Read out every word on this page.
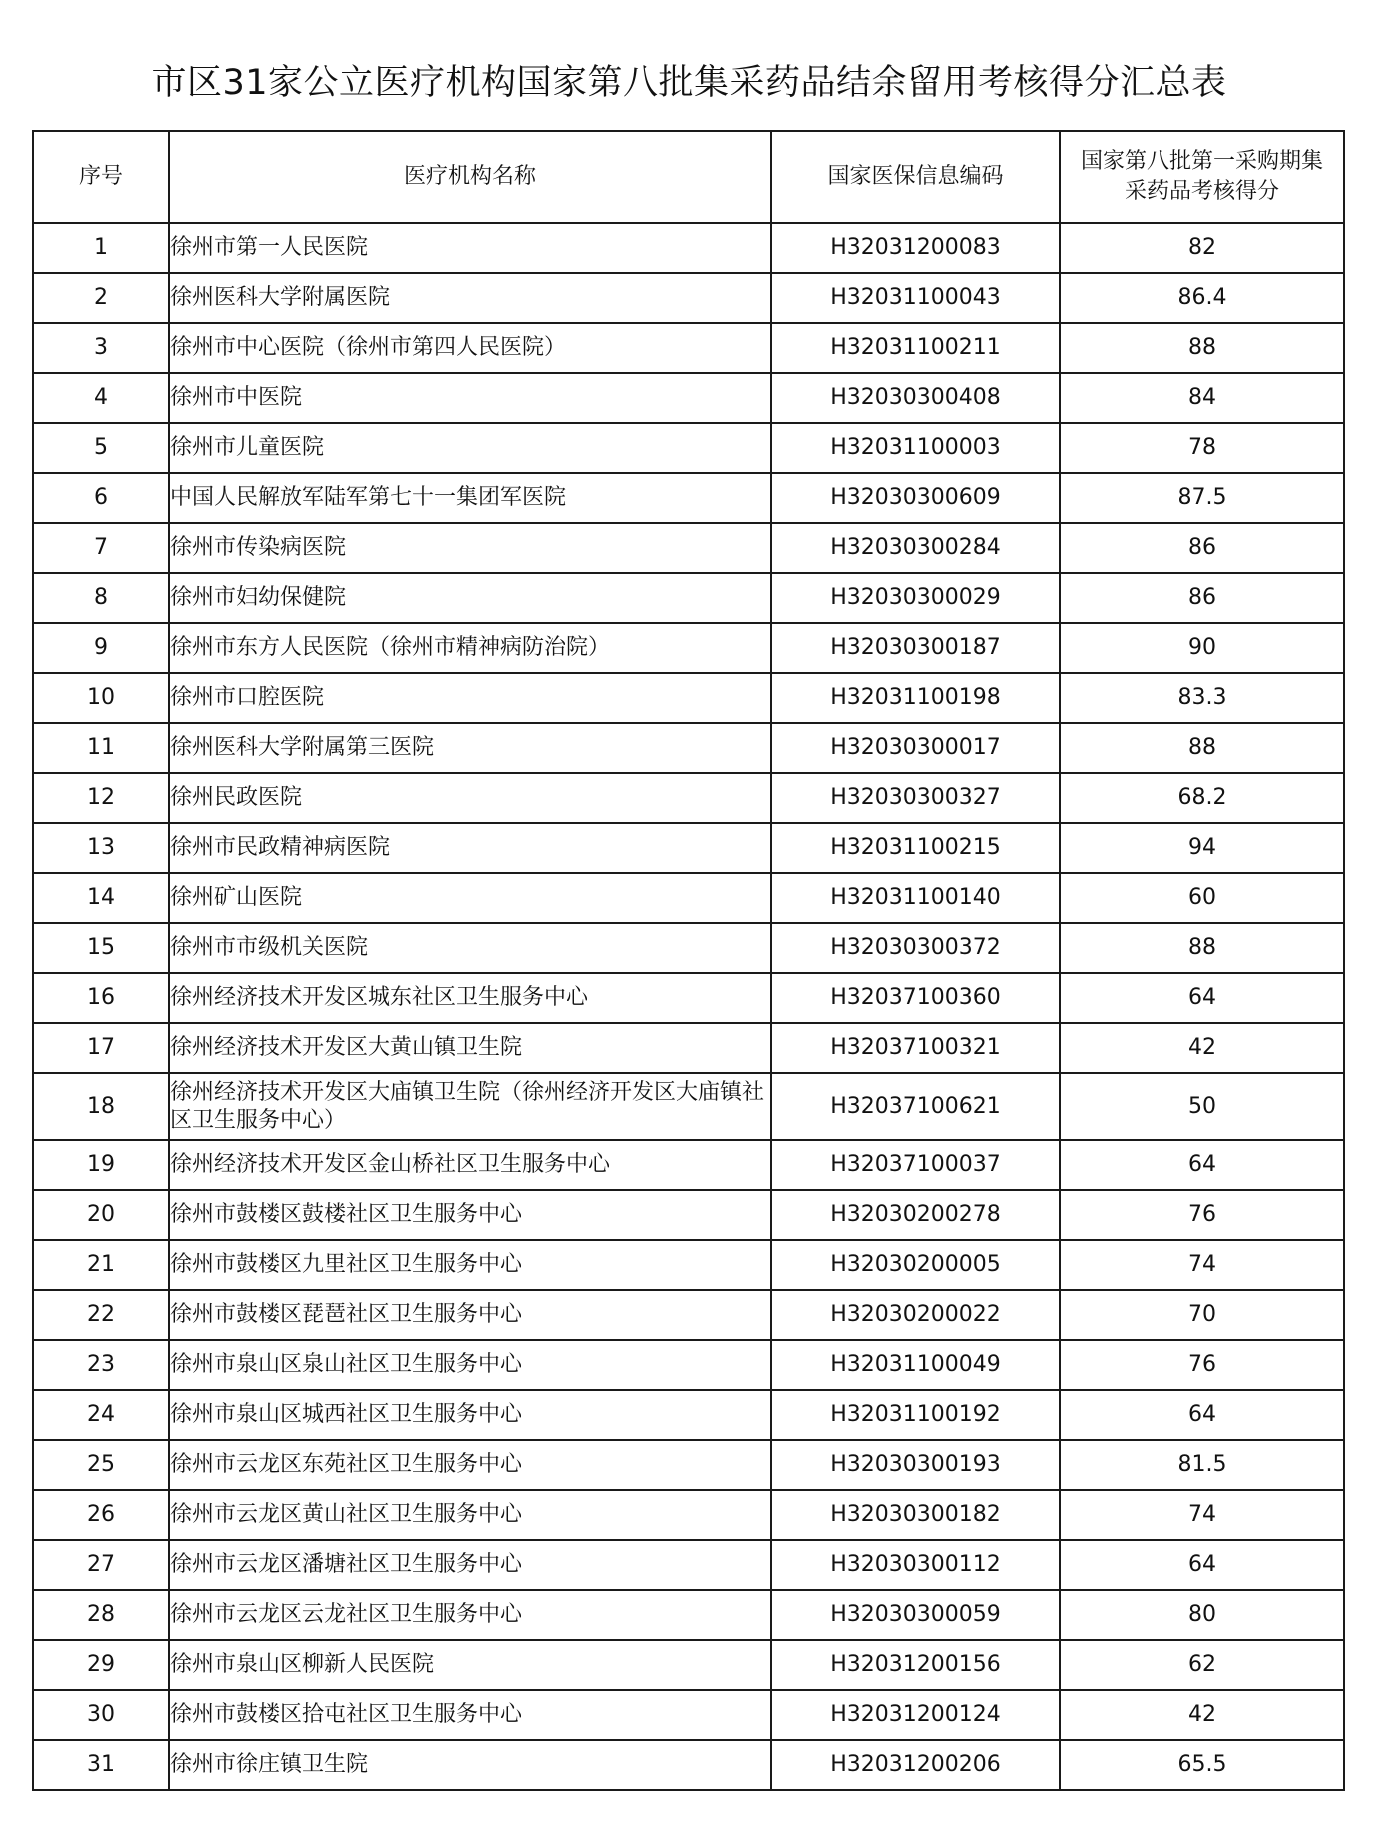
市区31家公立医疗机构国家第八批集采药品结余留用考核得分汇总表
序号	医疗机构名称	国家医保信息编码	国家第八批第一采购期集
采药品考核得分
1	徐州市第一人民医院	H32031200083	82
2	徐州医科大学附属医院	H32031100043	86.4
3	徐州市中心医院（徐州市第四人民医院）	H32031100211	88
4	徐州市中医院	H32030300408	84
5	徐州市儿童医院	H32031100003	78
6	中国人民解放军陆军第七十一集团军医院	H32030300609	87.5
7	徐州市传染病医院	H32030300284	86
8	徐州市妇幼保健院	H32030300029	86
9	徐州市东方人民医院（徐州市精神病防治院）	H32030300187	90
10	徐州市口腔医院	H32031100198	83.3
11	徐州医科大学附属第三医院	H32030300017	88
12	徐州民政医院	H32030300327	68.2
13	徐州市民政精神病医院	H32031100215	94
14	徐州矿山医院	H32031100140	60
15	徐州市市级机关医院	H32030300372	88
16	徐州经济技术开发区城东社区卫生服务中心	H32037100360	64
17	徐州经济技术开发区大黄山镇卫生院	H32037100321	42
18	徐州经济技术开发区大庙镇卫生院（徐州经济开发区大庙镇社区卫生服务中心）	H32037100621	50
19	徐州经济技术开发区金山桥社区卫生服务中心	H32037100037	64
20	徐州市鼓楼区鼓楼社区卫生服务中心	H32030200278	76
21	徐州市鼓楼区九里社区卫生服务中心	H32030200005	74
22	徐州市鼓楼区琵琶社区卫生服务中心	H32030200022	70
23	徐州市泉山区泉山社区卫生服务中心	H32031100049	76
24	徐州市泉山区城西社区卫生服务中心	H32031100192	64
25	徐州市云龙区东苑社区卫生服务中心	H32030300193	81.5
26	徐州市云龙区黄山社区卫生服务中心	H32030300182	74
27	徐州市云龙区潘塘社区卫生服务中心	H32030300112	64
28	徐州市云龙区云龙社区卫生服务中心	H32030300059	80
29	徐州市泉山区柳新人民医院	H32031200156	62
30	徐州市鼓楼区拾屯社区卫生服务中心	H32031200124	42
31	徐州市徐庄镇卫生院	H32031200206	65.5
